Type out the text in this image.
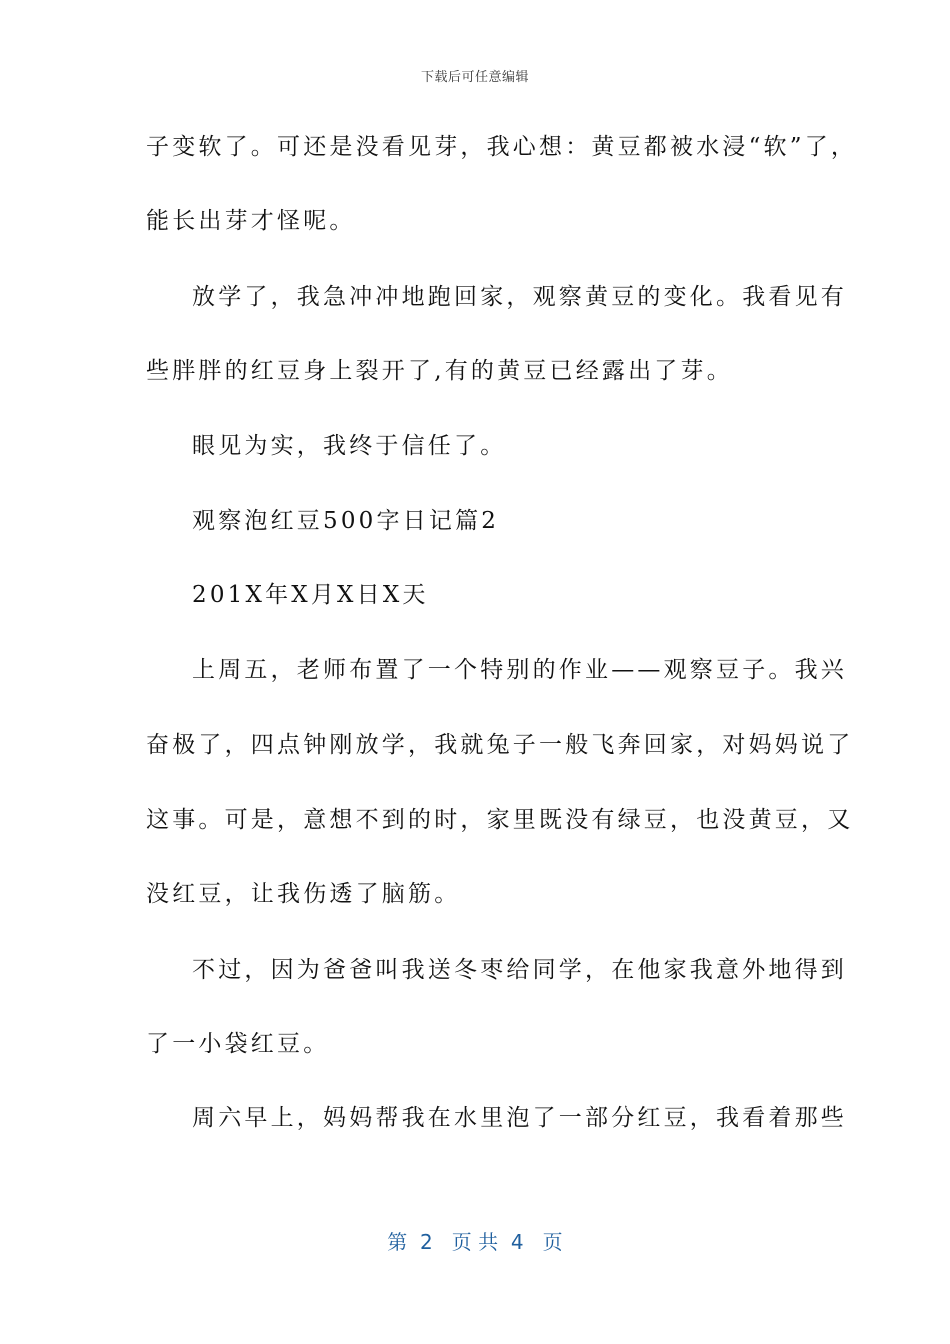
下载后可任意编辑
子变软了。可还是没看见芽，我心想：黄豆都被水浸“软”了，
能长出芽才怪呢。
放学了，我急冲冲地跑回家，观察黄豆的变化。我看见有
些胖胖的红豆身上裂开了,有的黄豆已经露出了芽。
眼见为实，我终于信任了。
观察泡红豆500字日记篇2
201X年X月X日X天
上周五，老师布置了一个特别的作业——观察豆子。我兴
奋极了，四点钟刚放学，我就兔子一般飞奔回家，对妈妈说了
这事。可是，意想不到的时，家里既没有绿豆，也没黄豆，又
没红豆，让我伤透了脑筋。
不过，因为爸爸叫我送冬枣给同学，在他家我意外地得到
了一小袋红豆。
周六早上，妈妈帮我在水里泡了一部分红豆，我看着那些
第  2   页 共  4   页
